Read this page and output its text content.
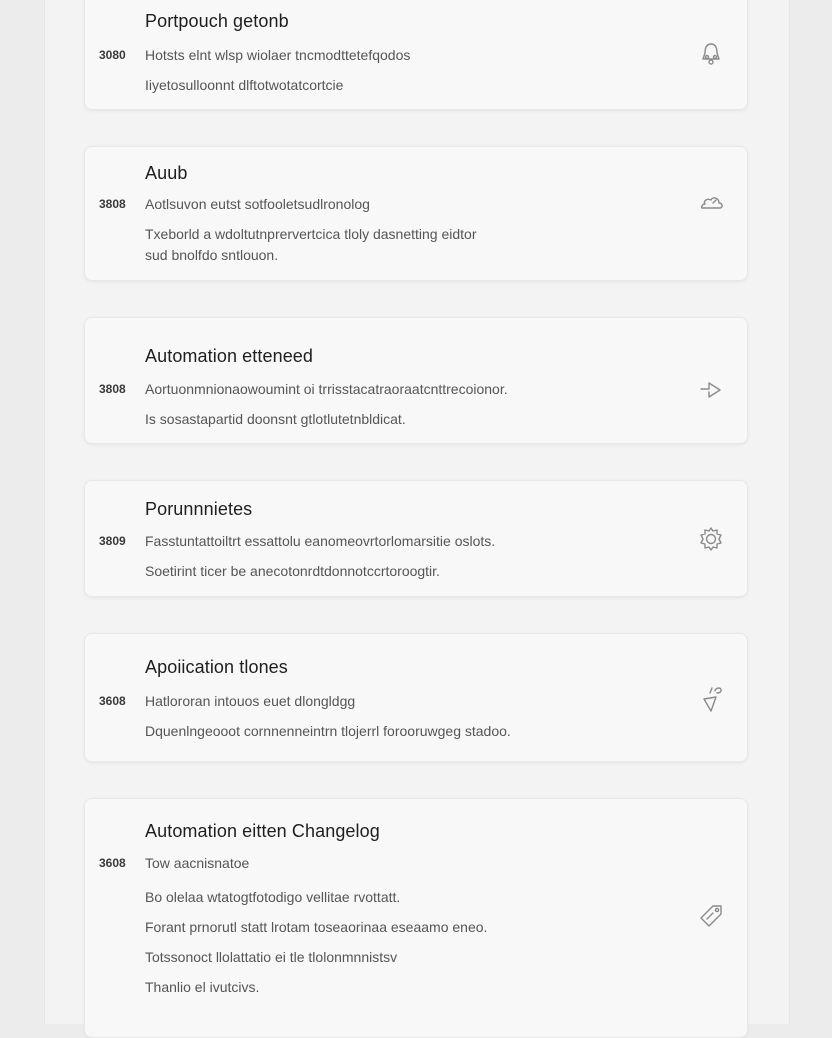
Portpouch getonb
3080 Hotsts elnt wlsp wiolaer tncmodttetefqodos
Iiyetosulloonnt dlftotwotatcortcie
Auub
3808 Aotlsuvon eutst sotfooletsudlronolog
Txeborld a wdoltutnprervertcica tloly dasnetting eidtor
sud bnolfdo sntlouon.
Automation etteneed
3808 Aortuonmnionaowoumint oi trrisstacatraoraatcnttrecoionor.
Is sosastapartid doonsnt gtlotlutetnbldicat.
Porunnnietes
3809 Fasstuntattoiltrt essattolu eanomeovrtorlomarsitie oslots.
Soetirint ticer be anecotonrdtdonnotccrtoroogtir.
Apoiication tlones
3608 Hatlororan intouos euet dlongldgg
Dquenlngeooot cornnenneintrn tlojerrl forooruwgeg stadoo.
Automation eitten Changelog
3608 Tow aacnisnatoe
Bo olelaa wtatogtfotodigo vellitae rvottatt.
Forant prnorutl statt lrotam toseaorinaa eseaamo eneo.
Totssonoct llolattatio ei tle tlolonmnnistsv
Thanlio el ivutcivs.
